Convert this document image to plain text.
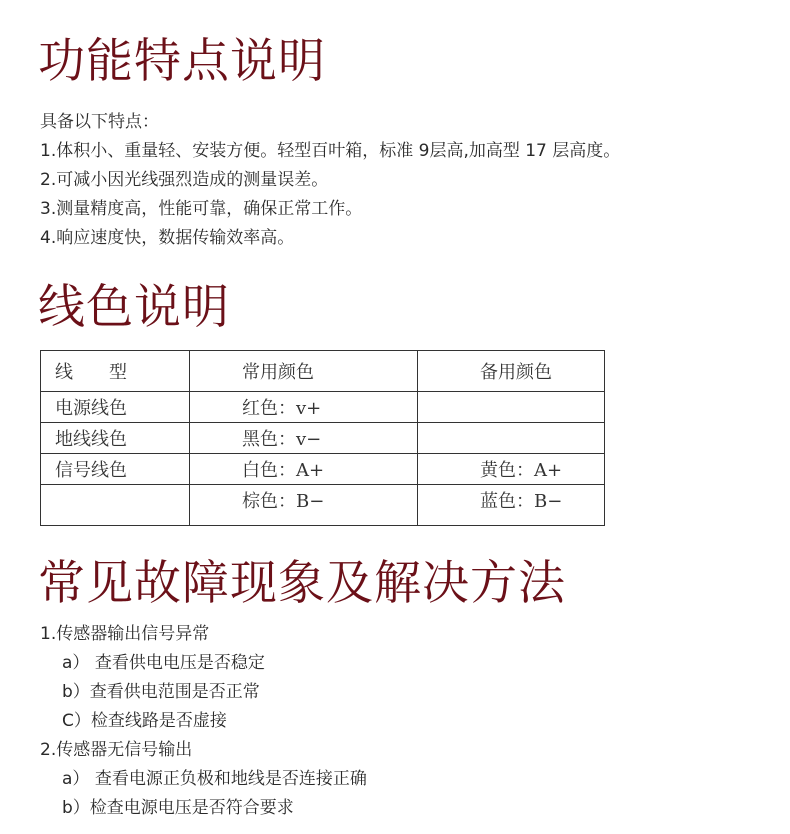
功能特点说明
具备以下特点：
1.体积小、重量轻、安装方便。轻型百叶箱，标准 9层高,加高型 17 层高度。
2.可减小因光线强烈造成的测量误差。
3.测量精度高，性能可靠，确保正常工作。
4.响应速度快，数据传输效率高。
线色说明
线　　型	常用颜色	备用颜色
电源线色	红色：v+	
地线线色	黑色：v−	
信号线色	白色：A+	黄色：A+
	棕色：B−	蓝色：B−
常见故障现象及解决方法
1.传感器输出信号异常
a） 查看供电电压是否稳定
b）查看供电范围是否正常
C）检查线路是否虚接
2.传感器无信号输出
a） 查看电源正负极和地线是否连接正确
b）检查电源电压是否符合要求
